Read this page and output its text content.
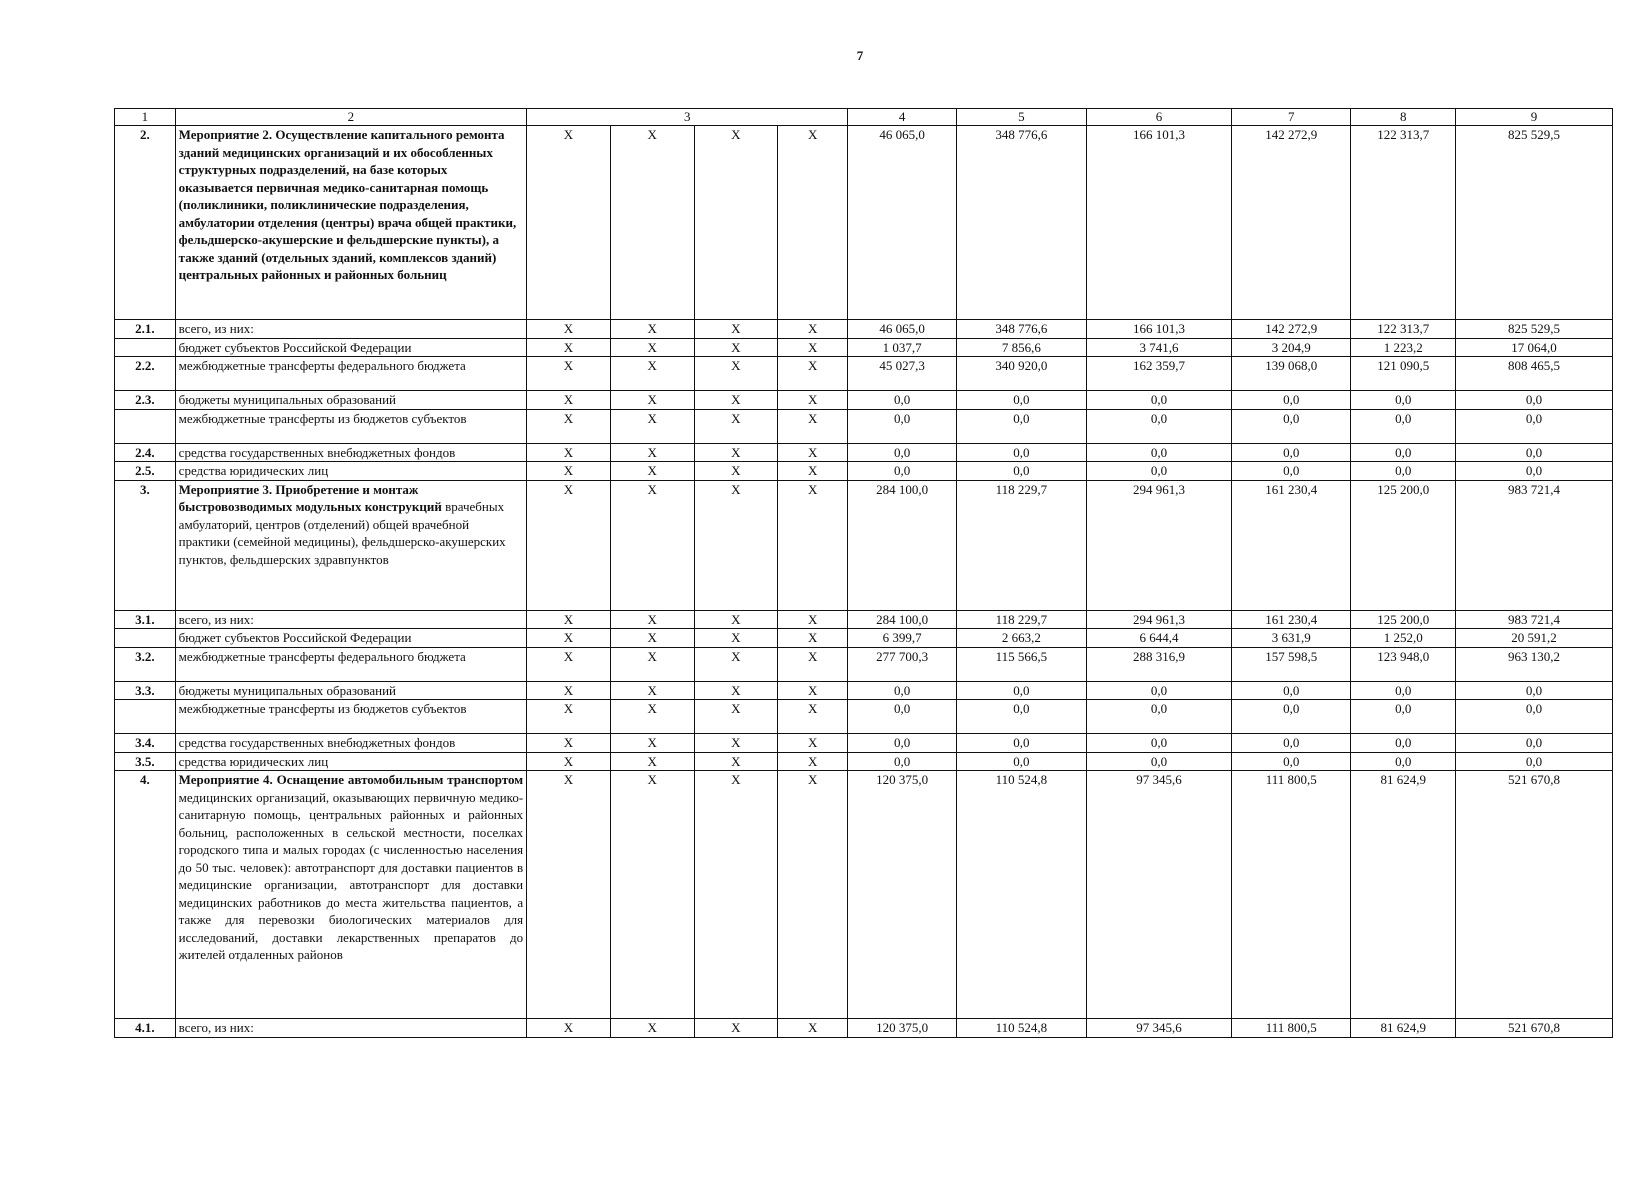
7
1	2	3				4	5	6	7	8	9
2.	Мероприятие 2. Осуществление капитального ремонта зданий медицинских организаций и их обособленных структурных подразделений, на базе которых оказывается первичная медико-санитарная помощь (поликлиники, поликлинические подразделения, амбулатории отделения (центры) врача общей практики, фельдшерско-акушерские и фельдшерские пункты), а также зданий (отдельных зданий, комплексов зданий) центральных районных и районных больниц	X	X	X	X	46 065,0	348 776,6	166 101,3	142 272,9	122 313,7	825 529,5
2.1.	всего, из них:	X	X	X	X	46 065,0	348 776,6	166 101,3	142 272,9	122 313,7	825 529,5
	бюджет субъектов Российской Федерации	X	X	X	X	1 037,7	7 856,6	3 741,6	3 204,9	1 223,2	17 064,0
2.2.	межбюджетные трансферты федерального бюджета	X	X	X	X	45 027,3	340 920,0	162 359,7	139 068,0	121 090,5	808 465,5
2.3.	бюджеты муниципальных образований	X	X	X	X	0,0	0,0	0,0	0,0	0,0	0,0
	межбюджетные трансферты из бюджетов субъектов	X	X	X	X	0,0	0,0	0,0	0,0	0,0	0,0
2.4.	средства государственных внебюджетных фондов	X	X	X	X	0,0	0,0	0,0	0,0	0,0	0,0
2.5.	средства юридических лиц	X	X	X	X	0,0	0,0	0,0	0,0	0,0	0,0
3.	Мероприятие 3. Приобретение и монтаж быстровозводимых модульных конструкций врачебных амбулаторий, центров (отделений) общей врачебной практики (семейной медицины), фельдшерско-акушерских пунктов, фельдшерских здравпунктов	X	X	X	X	284 100,0	118 229,7	294 961,3	161 230,4	125 200,0	983 721,4
3.1.	всего, из них:	X	X	X	X	284 100,0	118 229,7	294 961,3	161 230,4	125 200,0	983 721,4
	бюджет субъектов Российской Федерации	X	X	X	X	6 399,7	2 663,2	6 644,4	3 631,9	1 252,0	20 591,2
3.2.	межбюджетные трансферты федерального бюджета	X	X	X	X	277 700,3	115 566,5	288 316,9	157 598,5	123 948,0	963 130,2
3.3.	бюджеты муниципальных образований	X	X	X	X	0,0	0,0	0,0	0,0	0,0	0,0
	межбюджетные трансферты из бюджетов субъектов	X	X	X	X	0,0	0,0	0,0	0,0	0,0	0,0
3.4.	средства государственных внебюджетных фондов	X	X	X	X	0,0	0,0	0,0	0,0	0,0	0,0
3.5.	средства юридических лиц	X	X	X	X	0,0	0,0	0,0	0,0	0,0	0,0
4.	Мероприятие 4. Оснащение автомобильным транспортом медицинских организаций, оказывающих первичную медико-санитарную помощь, центральных районных и районных больниц, расположенных в сельской местности, поселках городского типа и малых городах (с численностью населения до 50 тыс. человек): автотранспорт для доставки пациентов в медицинские организации, автотранспорт для доставки медицинских работников до места жительства пациентов, а также для перевозки биологических материалов для исследований, доставки лекарственных препаратов до жителей отдаленных районов	X	X	X	X	120 375,0	110 524,8	97 345,6	111 800,5	81 624,9	521 670,8
4.1.	всего, из них:	X	X	X	X	120 375,0	110 524,8	97 345,6	111 800,5	81 624,9	521 670,8
